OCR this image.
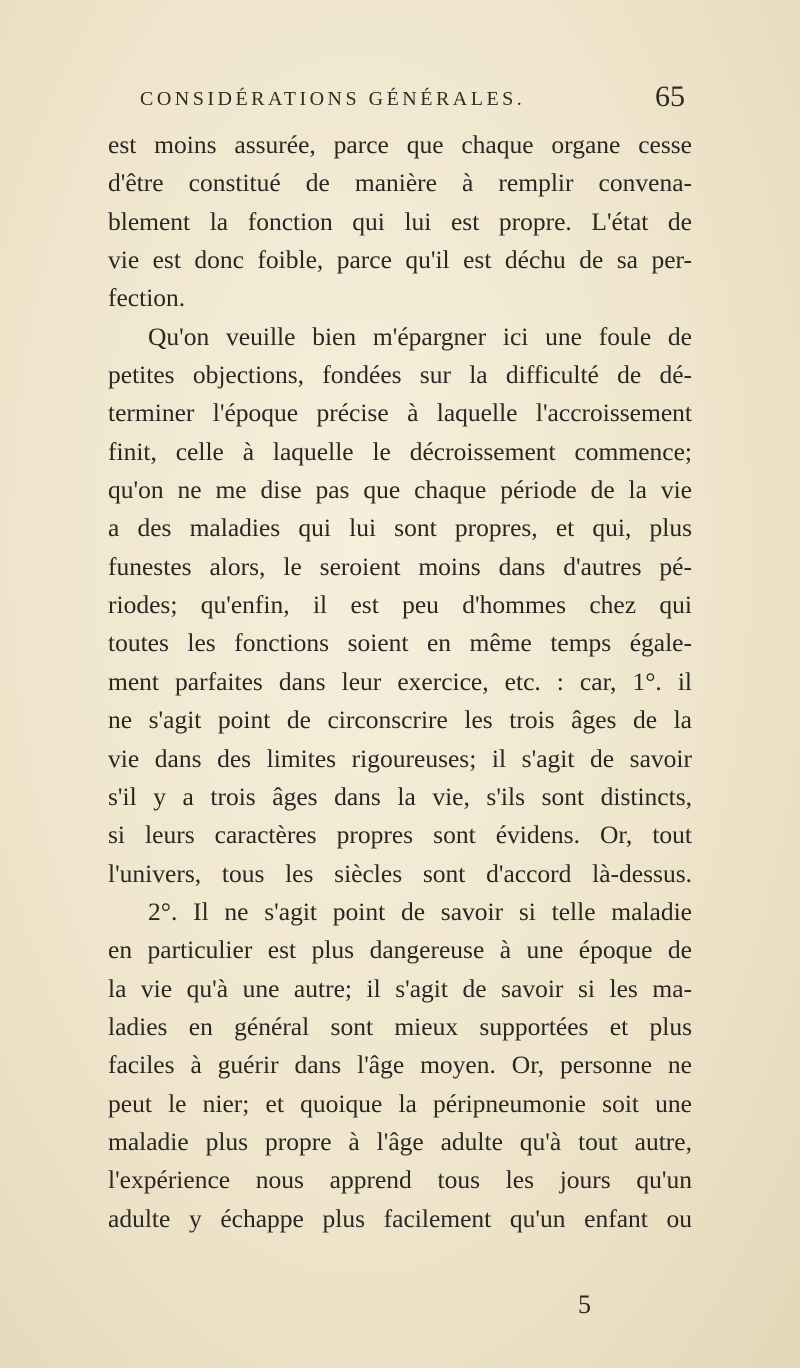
CONSIDÉRATIONS GÉNÉRALES.	65
est moins assurée, parce que chaque organe cesse
d'être constitué de manière à remplir convena-
blement la fonction qui lui est propre. L'état de
vie est donc foible, parce qu'il est déchu de sa per-
fection.
Qu'on veuille bien m'épargner ici une foule de
petites objections, fondées sur la difficulté de dé-
terminer l'époque précise à laquelle l'accroissement
finit, celle à laquelle le décroissement commence;
qu'on ne me dise pas que chaque période de la vie
a des maladies qui lui sont propres, et qui, plus
funestes alors, le seroient moins dans d'autres pé-
riodes; qu'enfin, il est peu d'hommes chez qui
toutes les fonctions soient en même temps égale-
ment parfaites dans leur exercice, etc. : car, 1°. il
ne s'agit point de circonscrire les trois âges de la
vie dans des limites rigoureuses; il s'agit de savoir
s'il y a trois âges dans la vie, s'ils sont distincts,
si leurs caractères propres sont évidens. Or, tout
l'univers, tous les siècles sont d'accord là-dessus.
2°. Il ne s'agit point de savoir si telle maladie
en particulier est plus dangereuse à une époque de
la vie qu'à une autre; il s'agit de savoir si les ma-
ladies en général sont mieux supportées et plus
faciles à guérir dans l'âge moyen. Or, personne ne
peut le nier; et quoique la péripneumonie soit une
maladie plus propre à l'âge adulte qu'à tout autre,
l'expérience nous apprend tous les jours qu'un
adulte y échappe plus facilement qu'un enfant ou
5
